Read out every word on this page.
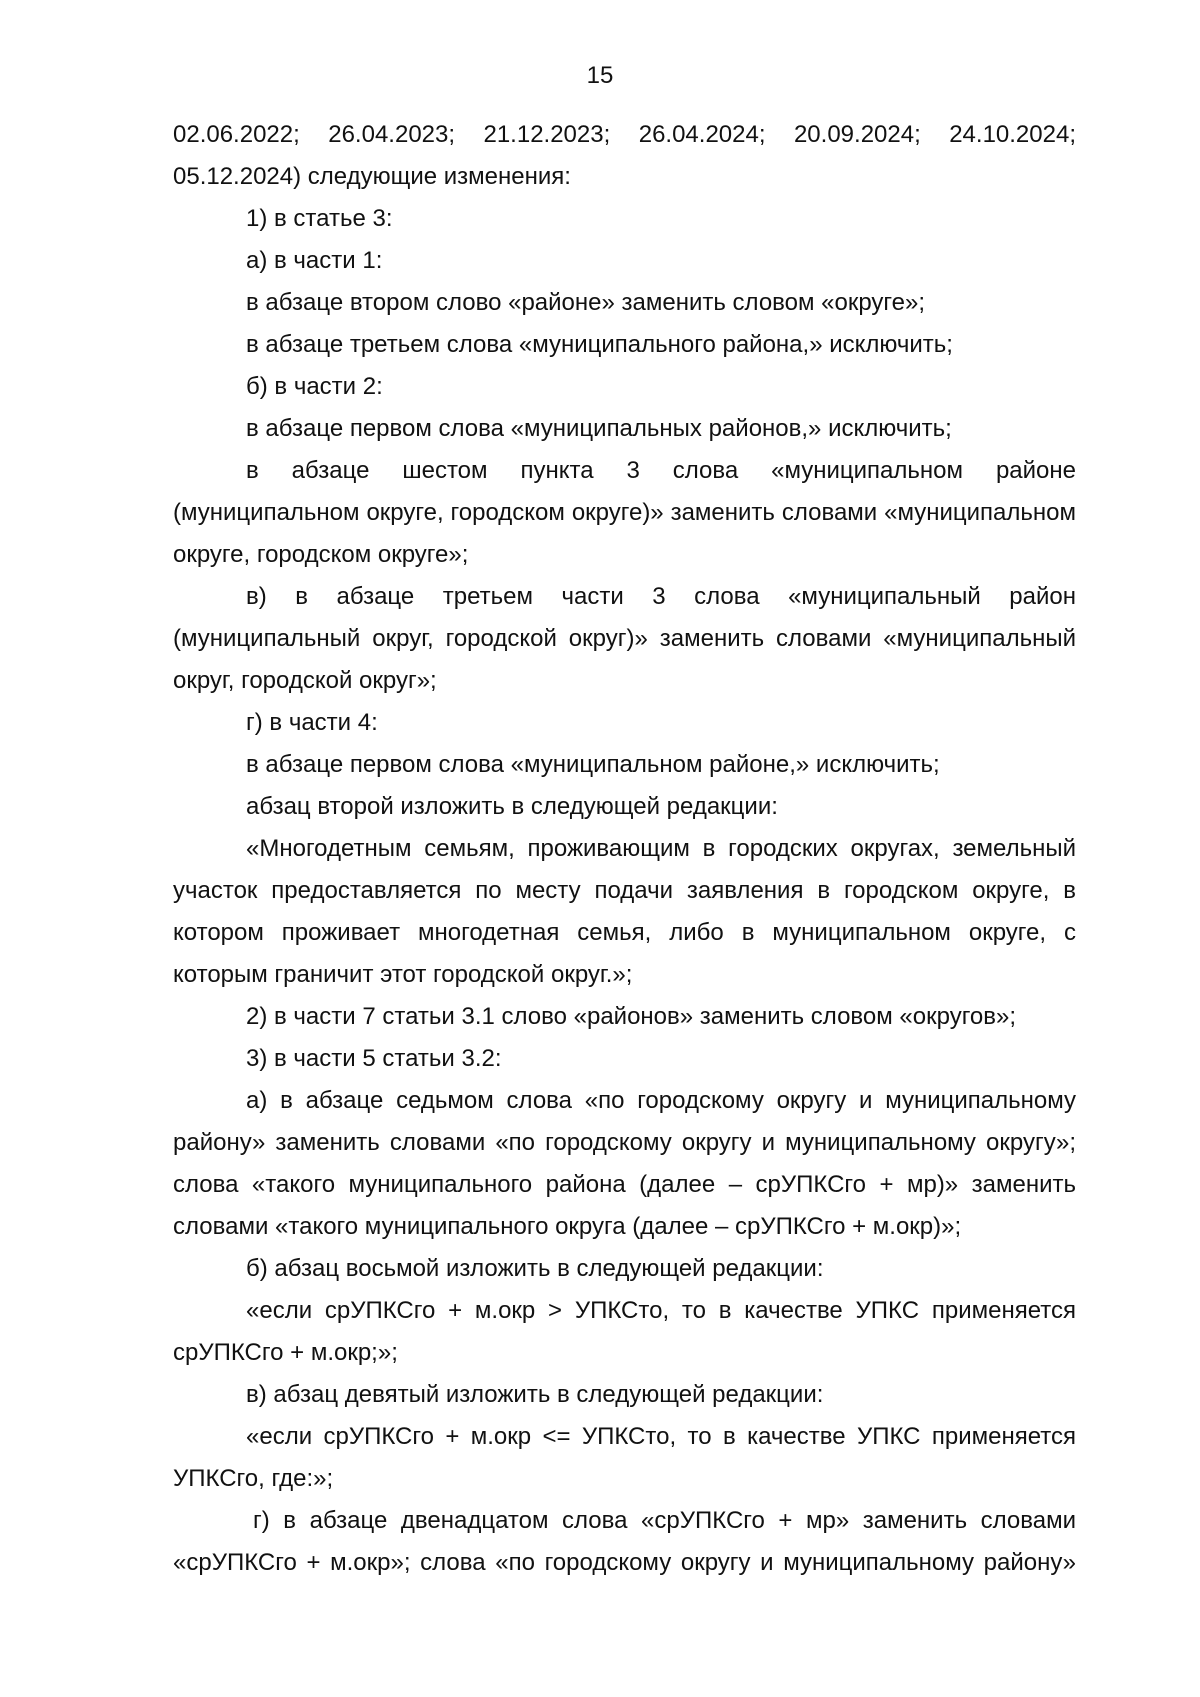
15

02.06.2022; 26.04.2023; 21.12.2023; 26.04.2024; 20.09.2024; 24.10.2024; 05.12.2024) следующие изменения:

1) в статье 3:

а) в части 1:

в абзаце втором слово «районе» заменить словом «округе»;

в абзаце третьем слова «муниципального района,» исключить;

б) в части 2:

в абзаце первом слова «муниципальных районов,» исключить;

в абзаце шестом пункта 3 слова «муниципальном районе (муниципальном округе, городском округе)» заменить словами «муниципальном округе, городском округе»;

в) в абзаце третьем части 3 слова «муниципальный район (муниципальный округ, городской округ)» заменить словами «муниципальный округ, городской округ»;

г) в части 4:

в абзаце первом слова «муниципальном районе,» исключить;

абзац второй изложить в следующей редакции:

«Многодетным семьям, проживающим в городских округах, земельный участок предоставляется по месту подачи заявления в городском округе, в котором проживает многодетная семья, либо в муниципальном округе, с которым граничит этот городской округ.»;

2) в части 7 статьи 3.1 слово «районов» заменить словом «округов»;

3) в части 5 статьи 3.2:

а) в абзаце седьмом слова «по городскому округу и муниципальному району» заменить словами «по городскому округу и муниципальному округу»; слова «такого муниципального района (далее – срУПКСго + мр)» заменить словами «такого муниципального округа (далее – срУПКСго + м.окр)»;

б) абзац восьмой изложить в следующей редакции:

«если срУПКСго + м.окр > УПКСто, то в качестве УПКС применяется срУПКСго + м.окр;»;

в) абзац девятый изложить в следующей редакции:

«если срУПКСго + м.окр <= УПКСто, то в качестве УПКС применяется УПКСго, где:»;

г) в абзаце двенадцатом слова «срУПКСго + мр» заменить словами «срУПКСго + м.окр»; слова «по городскому округу и муниципальному району»
